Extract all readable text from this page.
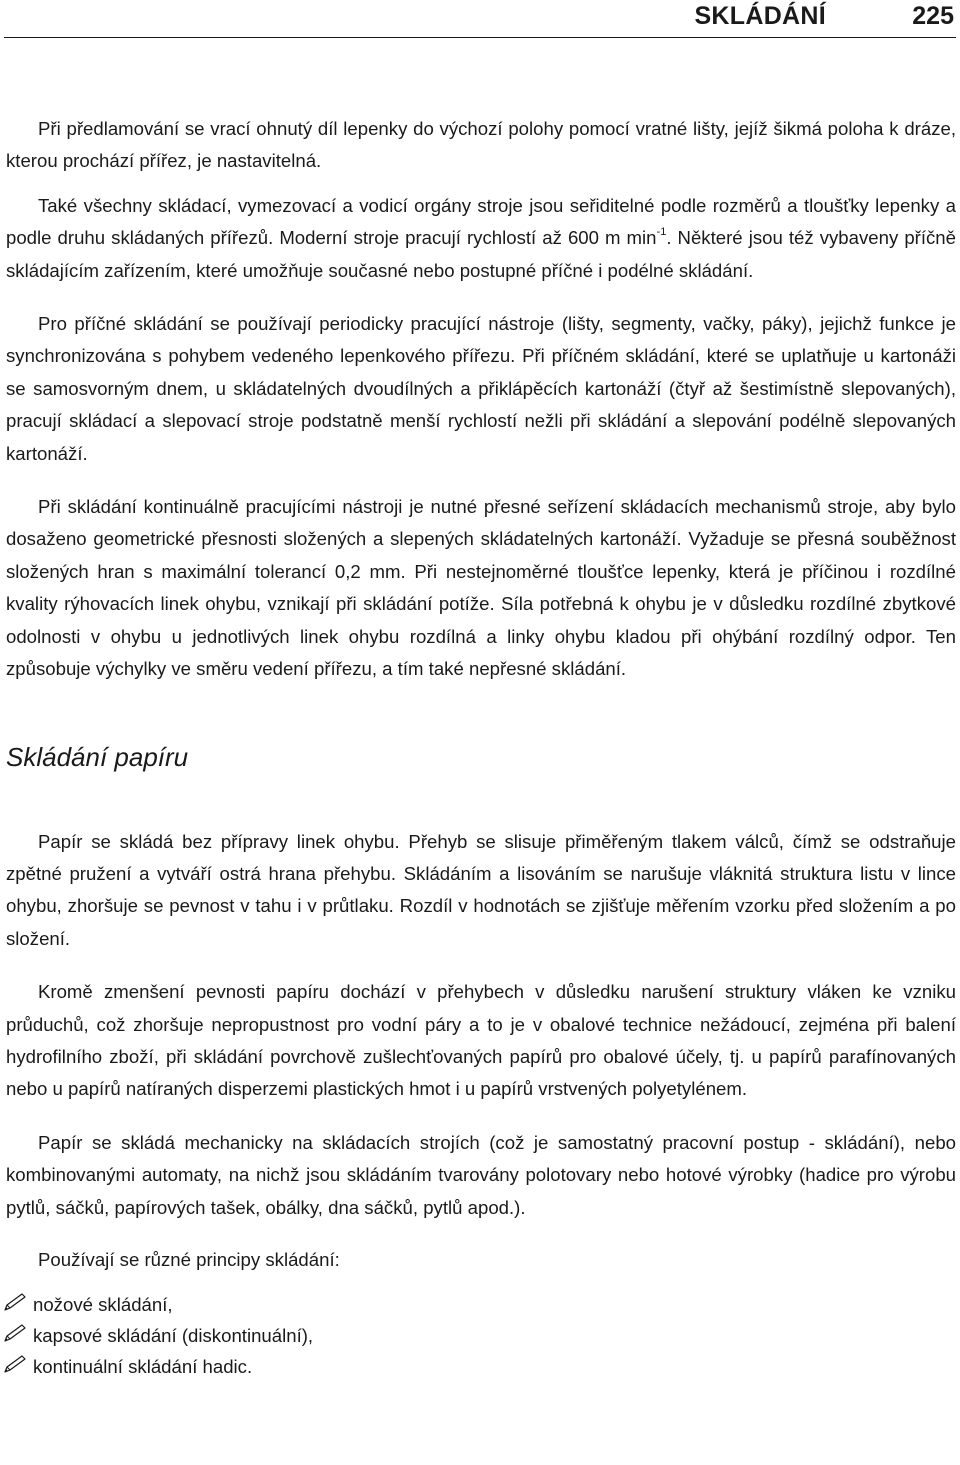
SKLÁDÁNÍ	225

Při předlamování se vrací ohnutý díl lepenky do výchozí polohy pomocí vratné lišty, jejíž šikmá poloha k dráze, kterou prochází přířez, je nastavitelná.

Také všechny skládací, vymezovací a vodicí orgány stroje jsou seřiditelné podle rozměrů a tloušťky lepenky a podle druhu skládaných přířezů. Moderní stroje pracují rychlostí až 600 m $\min^{-1}$. Některé jsou též vybaveny příčně skládajícím zařízením, které umožňuje současné nebo postupné příčné i podélné skládání.

Pro příčné skládání se používají periodicky pracující nástroje (lišty, segmenty, vačky, páky), jejichž funkce je synchronizována s pohybem vedeného lepenkového přířezu. Při příčném skládání, které se uplatňuje u kartonáži se samosvorným dnem, u skládatelných dvoudílných a přiklápěcích kartonáží (čtyř až šestimístně slepovaných), pracují skládací a slepovací stroje podstatně menší rychlostí nežli při skládání a slepování podélně slepovaných kartonáží.

Při skládání kontinuálně pracujícími nástroji je nutné přesné seřízení skládacích mechanismů stroje, aby bylo dosaženo geometrické přesnosti složených a slepených skládatelných kartonáží. Vyžaduje se přesná souběžnost složených hran s maximální tolerancí 0,2 mm. Při nestejnoměrné tloušťce lepenky, která je příčinou i rozdílné kvality rýhovacích linek ohybu, vznikají při skládání potíže. Síla potřebná k ohybu je v důsledku rozdílné zbytkové odolnosti v ohybu u jednotlivých linek ohybu rozdílná a linky ohybu kladou při ohýbání rozdílný odpor. Ten způsobuje výchylky ve směru vedení přířezu, a tím také nepřesné skládání.

Skládání papíru

Papír se skládá bez přípravy linek ohybu. Přehyb se slisuje přiměřeným tlakem válců, čímž se odstraňuje zpětné pružení a vytváří ostrá hrana přehybu. Skládáním a lisováním se narušuje vláknitá struktura listu v lince ohybu, zhoršuje se pevnost v tahu i v průtlaku. Rozdíl v hodnotách se zjišťuje měřením vzorku před složením a po složení.

Kromě zmenšení pevnosti papíru dochází v přehybech v důsledku narušení struktury vláken ke vzniku průduchů, což zhoršuje nepropustnost pro vodní páry a to je v obalové technice nežádoucí, zejména při balení hydrofilního zboží, při skládání povrchově zušlechťovaných papírů pro obalové účely, tj. u papírů parafínovaných nebo u papírů natíraných disperzemi plastických hmot i u papírů vrstvených polyetylénem.

Papír se skládá mechanicky na skládacích strojích (což je samostatný pracovní postup - skládání), nebo kombinovanými automaty, na nichž jsou skládáním tvarovány polotovary nebo hotové výrobky (hadice pro výrobu pytlů, sáčků, papírových tašek, obálky, dna sáčků, pytlů apod.).

Používají se různé principy skládání:

nožové skládání,
kapsové skládání (diskontinuální),
kontinuální skládání hadic.
